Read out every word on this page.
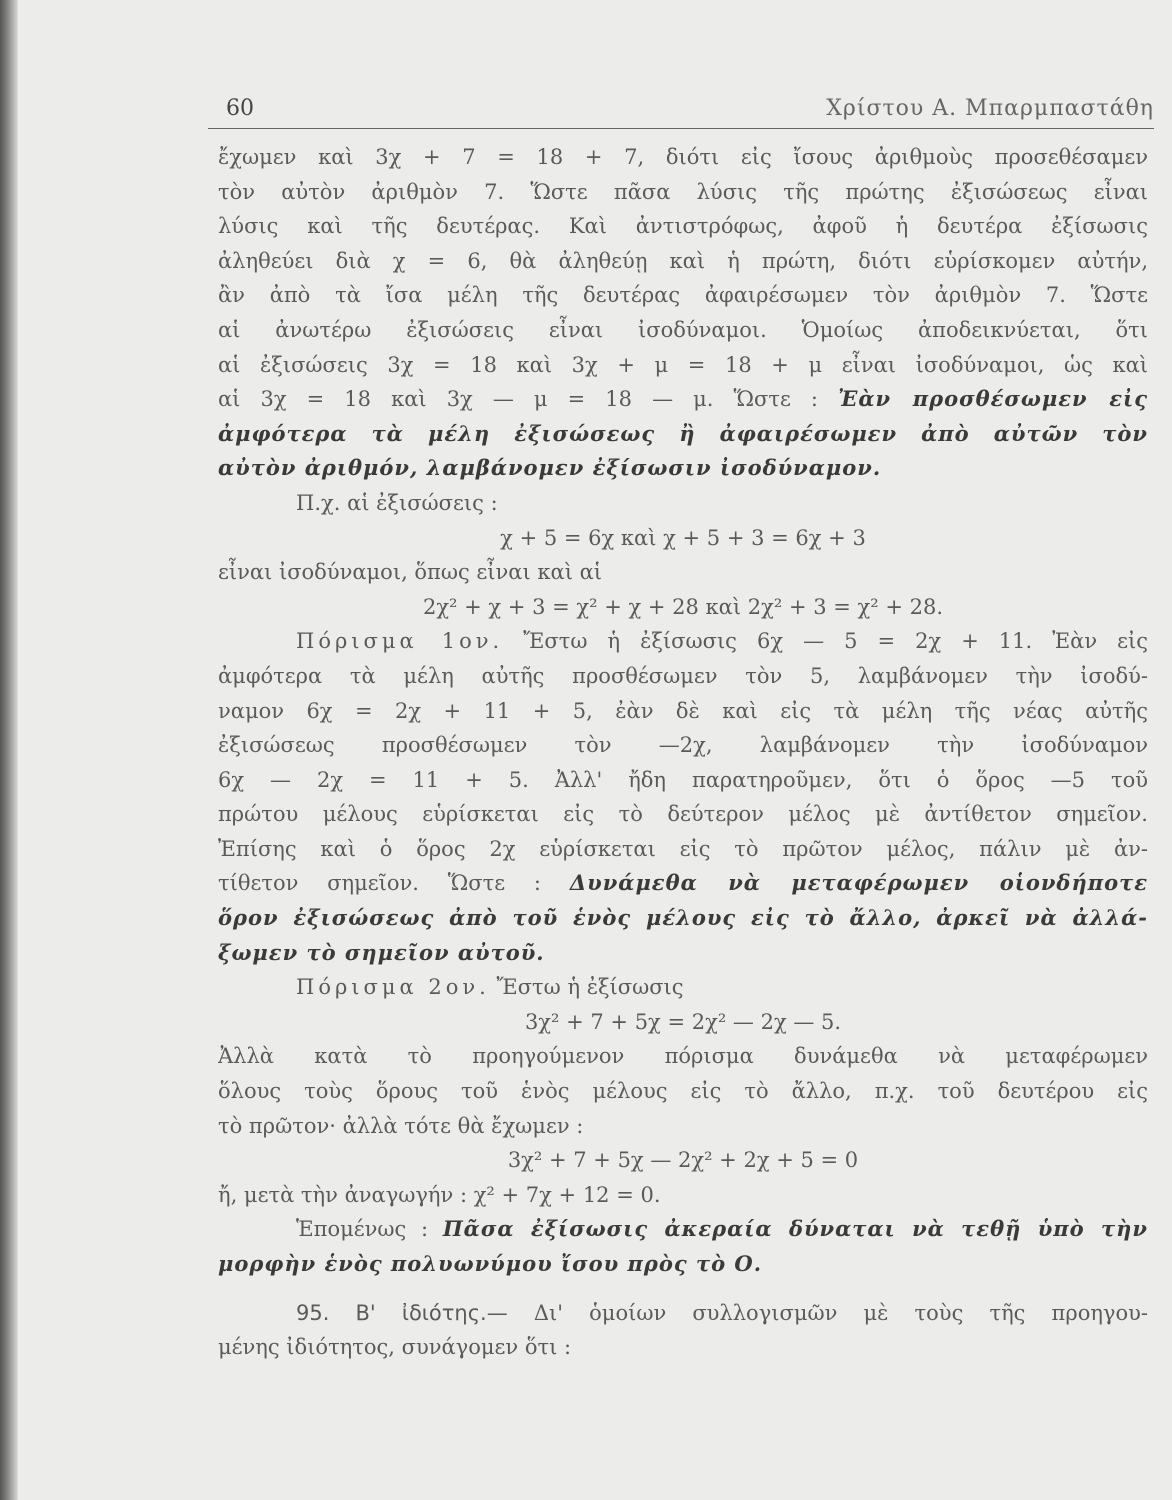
60	Χρίστου Α. Μπαρμπαστάθη
ἔχωμεν καὶ 3χ + 7 = 18 + 7, διότι εἰς ἴσους ἀριθμοὺς προσεθέσαμεν
τὸν αὐτὸν ἀριθμὸν 7. Ὥστε πᾶσα λύσις τῆς πρώτης ἐξισώσεως εἶναι
λύσις καὶ τῆς δευτέρας. Καὶ ἀντιστρόφως, ἀφοῦ ἡ δευτέρα ἐξίσωσις
ἀληθεύει διὰ χ = 6, θὰ ἀληθεύῃ καὶ ἡ πρώτη, διότι εὑρίσκομεν αὐτήν,
ἂν ἀπὸ τὰ ἴσα μέλη τῆς δευτέρας ἀφαιρέσωμεν τὸν ἀριθμὸν 7. Ὥστε
αἱ ἀνωτέρω ἐξισώσεις εἶναι ἰσοδύναμοι. Ὁμοίως ἀποδεικνύεται, ὅτι
αἱ ἐξισώσεις 3χ = 18 καὶ 3χ + μ = 18 + μ εἶναι ἰσοδύναμοι, ὡς καὶ
αἱ 3χ = 18 καὶ 3χ — μ = 18 — μ. Ὥστε : Ἐὰν προσθέσωμεν εἰς
ἀμφότερα τὰ μέλη ἐξισώσεως ἢ ἀφαιρέσωμεν ἀπὸ αὐτῶν τὸν
αὐτὸν ἀριθμόν, λαμβάνομεν ἐξίσωσιν ἰσοδύναμον.
Π.χ. αἱ ἐξισώσεις :
χ + 5 = 6χ καὶ χ + 5 + 3 = 6χ + 3
εἶναι ἰσοδύναμοι, ὅπως εἶναι καὶ αἱ
2χ² + χ + 3 = χ² + χ + 28 καὶ 2χ² + 3 = χ² + 28.
Πόρισμα 1ον. Ἔστω ἡ ἐξίσωσις 6χ — 5 = 2χ + 11. Ἐὰν εἰς
ἀμφότερα τὰ μέλη αὐτῆς προσθέσωμεν τὸν 5, λαμβάνομεν τὴν ἰσοδύ-
ναμον 6χ = 2χ + 11 + 5, ἐὰν δὲ καὶ εἰς τὰ μέλη τῆς νέας αὐτῆς
ἐξισώσεως προσθέσωμεν τὸν —2χ, λαμβάνομεν τὴν ἰσοδύναμον
6χ — 2χ = 11 + 5. Ἀλλ' ἤδη παρατηροῦμεν, ὅτι ὁ ὅρος —5 τοῦ
πρώτου μέλους εὑρίσκεται εἰς τὸ δεύτερον μέλος μὲ ἀντίθετον σημεῖον.
Ἐπίσης καὶ ὁ ὅρος 2χ εὑρίσκεται εἰς τὸ πρῶτον μέλος, πάλιν μὲ ἀν-
τίθετον σημεῖον. Ὥστε : Δυνάμεθα νὰ μεταφέρωμεν οἱονδήποτε
ὅρον ἐξισώσεως ἀπὸ τοῦ ἑνὸς μέλους εἰς τὸ ἄλλο, ἀρκεῖ νὰ ἀλλά-
ξωμεν τὸ σημεῖον αὐτοῦ.
Πόρισμα 2ον. Ἔστω ἡ ἐξίσωσις
3χ² + 7 + 5χ = 2χ² — 2χ — 5.
Ἀλλὰ κατὰ τὸ προηγούμενον πόρισμα δυνάμεθα νὰ μεταφέρωμεν
ὅλους τοὺς ὅρους τοῦ ἑνὸς μέλους εἰς τὸ ἄλλο, π.χ. τοῦ δευτέρου εἰς
τὸ πρῶτον· ἀλλὰ τότε θὰ ἔχωμεν :
3χ² + 7 + 5χ — 2χ² + 2χ + 5 = 0
ἤ, μετὰ τὴν ἀναγωγήν : χ² + 7χ + 12 = 0.
Ἑπομένως : Πᾶσα ἐξίσωσις ἀκεραία δύναται νὰ τεθῇ ὑπὸ τὴν
μορφὴν ἑνὸς πολυωνύμου ἴσου πρὸς τὸ Ο.
95. Β' ἰδιότης.— Δι' ὁμοίων συλλογισμῶν μὲ τοὺς τῆς προηγου-
μένης ἰδιότητος, συνάγομεν ὅτι :
